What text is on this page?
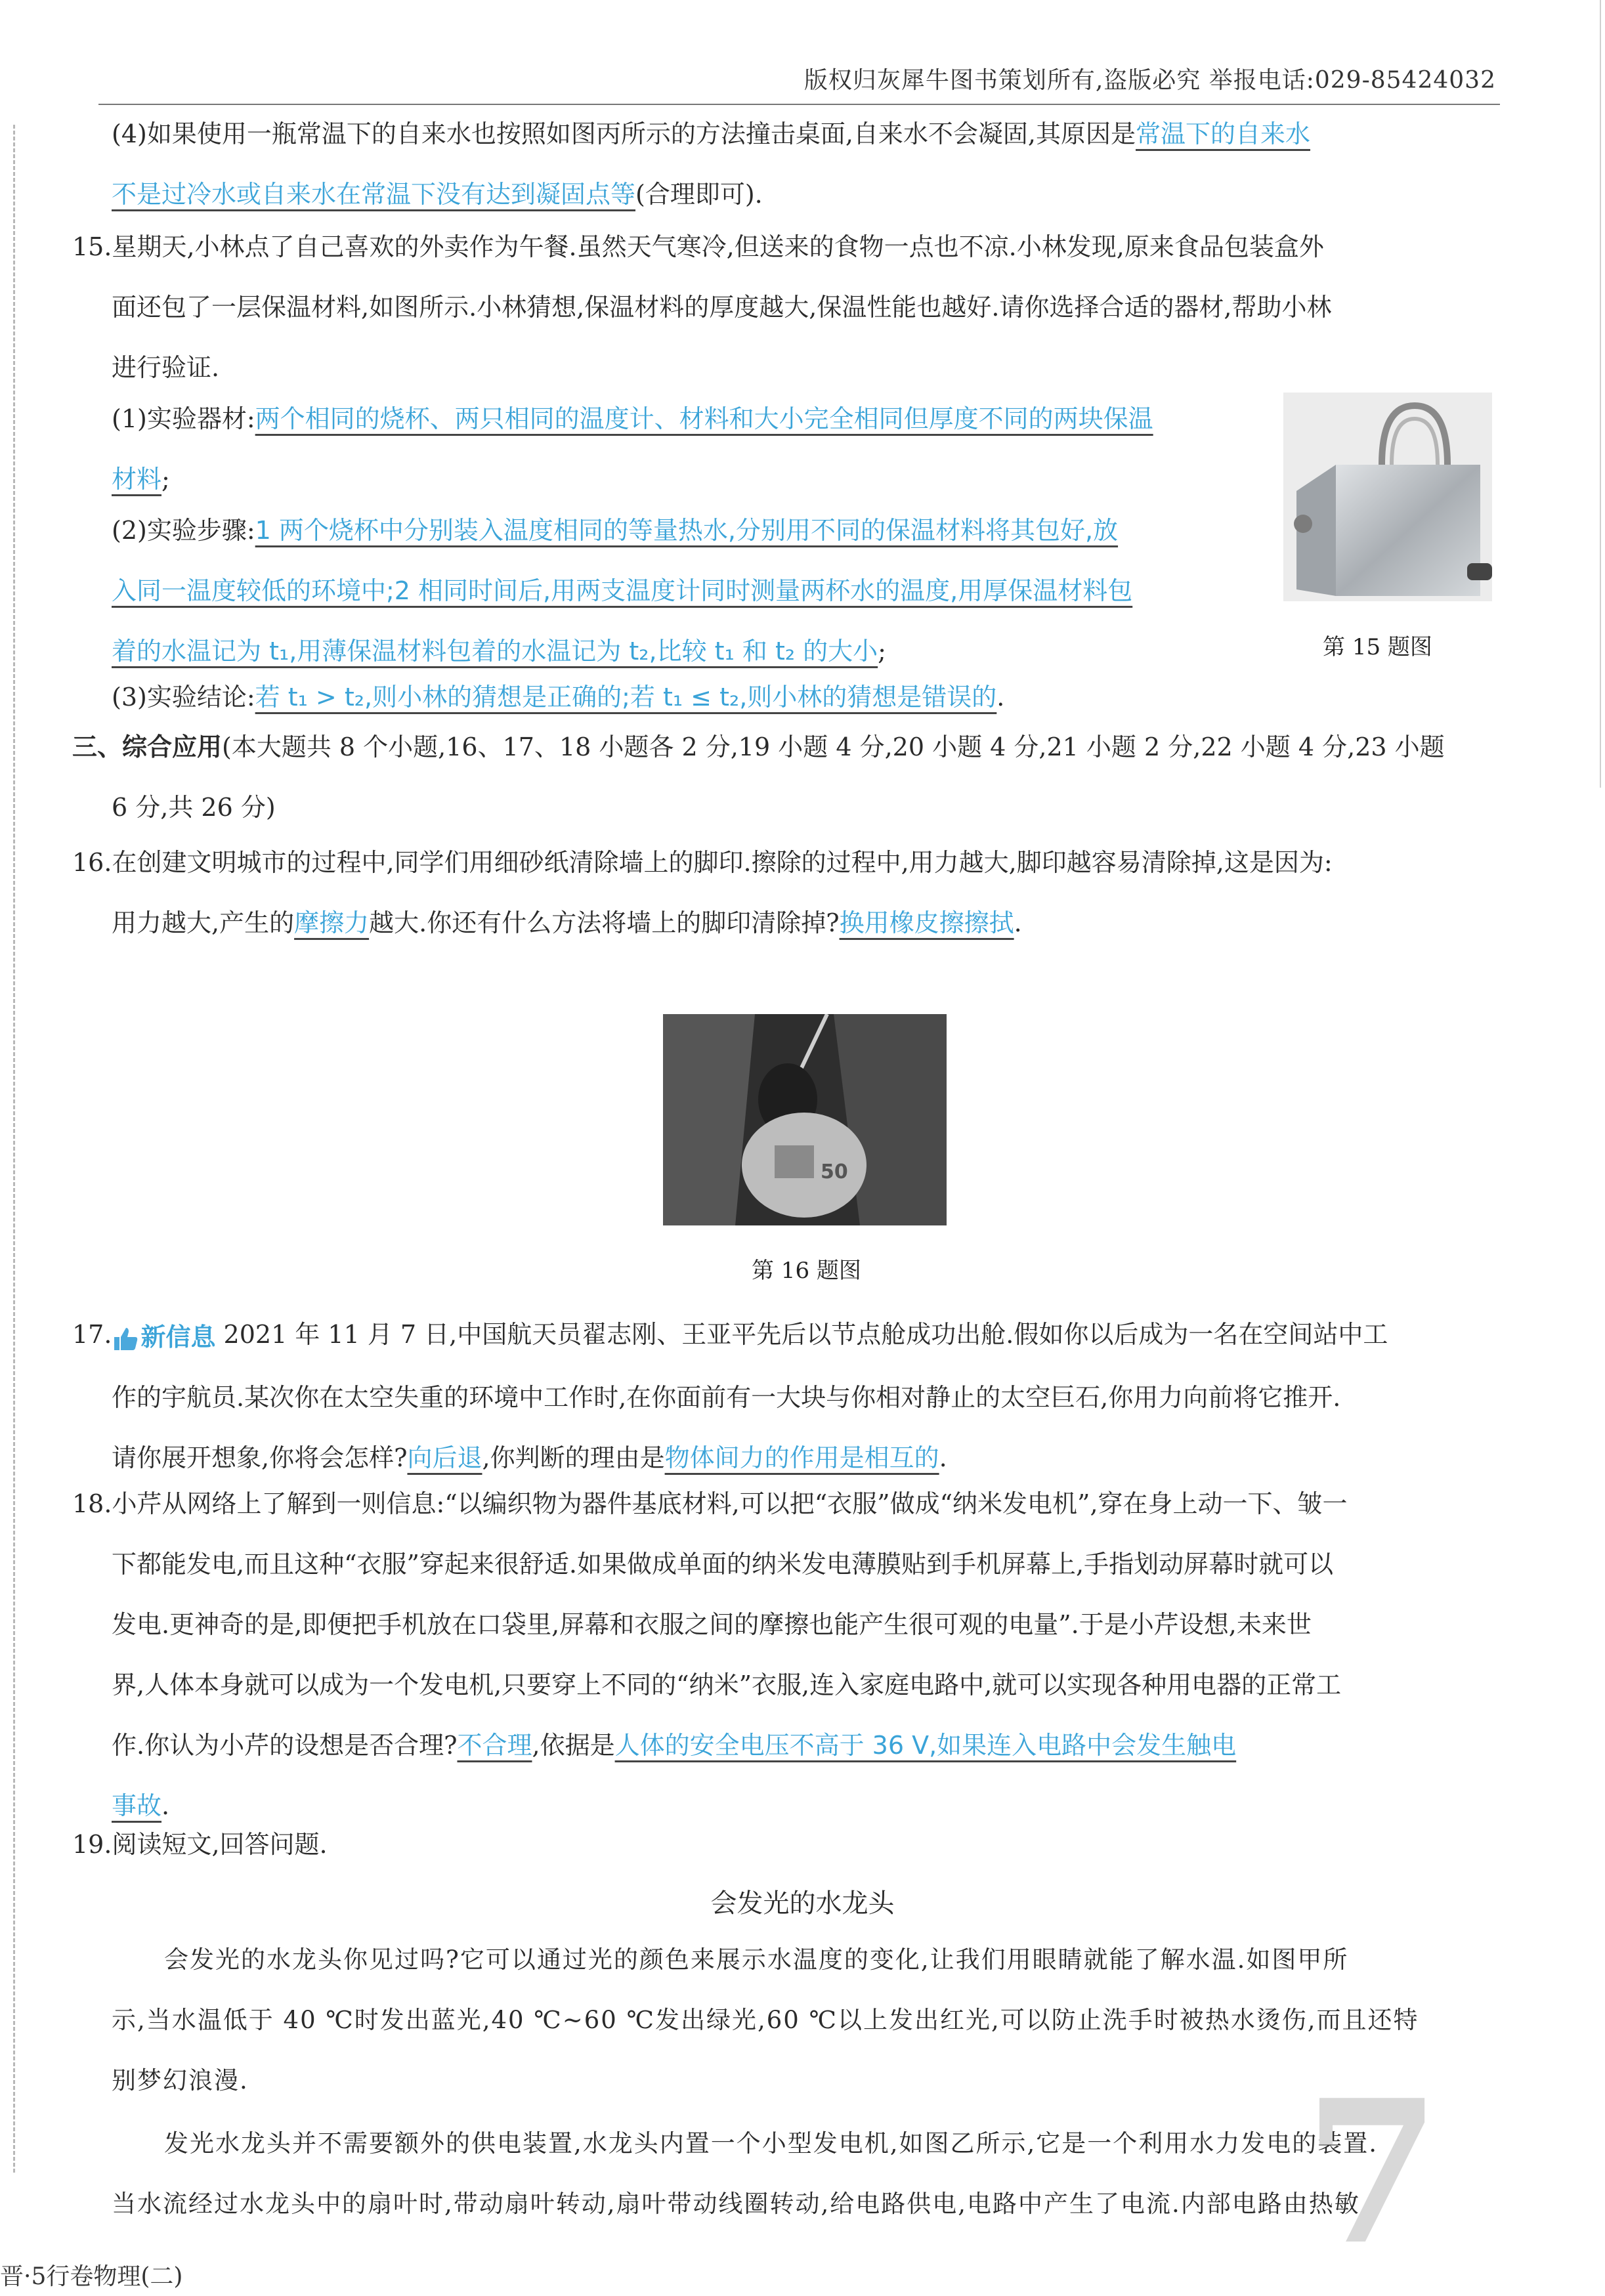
版权归灰犀牛图书策划所有,盗版必究 举报电话:029-85424032
(4)如果使用一瓶常温下的自来水也按照如图丙所示的方法撞击桌面,自来水不会凝固,其原因是常温下的自来水
不是过冷水或自来水在常温下没有达到凝固点等(合理即可).
15.星期天,小林点了自己喜欢的外卖作为午餐.虽然天气寒冷,但送来的食物一点也不凉.小林发现,原来食品包装盒外
面还包了一层保温材料,如图所示.小林猜想,保温材料的厚度越大,保温性能也越好.请你选择合适的器材,帮助小林
进行验证.
(1)实验器材:两个相同的烧杯、两只相同的温度计、材料和大小完全相同但厚度不同的两块保温
材料;
(2)实验步骤:1 两个烧杯中分别装入温度相同的等量热水,分别用不同的保温材料将其包好,放
入同一温度较低的环境中;2 相同时间后,用两支温度计同时测量两杯水的温度,用厚保温材料包
着的水温记为 t₁,用薄保温材料包着的水温记为 t₂,比较 t₁ 和 t₂ 的大小;
(3)实验结论:若 t₁ > t₂,则小林的猜想是正确的;若 t₁ ≤ t₂,则小林的猜想是错误的.
第 15 题图
三、综合应用(本大题共 8 个小题,16、17、18 小题各 2 分,19 小题 4 分,20 小题 4 分,21 小题 2 分,22 小题 4 分,23 小题
6 分,共 26 分)
16.在创建文明城市的过程中,同学们用细砂纸清除墙上的脚印.擦除的过程中,用力越大,脚印越容易清除掉,这是因为:
用力越大,产生的摩擦力越大.你还有什么方法将墙上的脚印清除掉?换用橡皮擦擦拭.
50
第 16 题图
17. 新信息 2021 年 11 月 7 日,中国航天员翟志刚、王亚平先后以节点舱成功出舱.假如你以后成为一名在空间站中工
作的宇航员.某次你在太空失重的环境中工作时,在你面前有一大块与你相对静止的太空巨石,你用力向前将它推开.
请你展开想象,你将会怎样?向后退,你判断的理由是物体间力的作用是相互的.
18.小芹从网络上了解到一则信息:“以编织物为器件基底材料,可以把“衣服”做成“纳米发电机”,穿在身上动一下、皱一
下都能发电,而且这种“衣服”穿起来很舒适.如果做成单面的纳米发电薄膜贴到手机屏幕上,手指划动屏幕时就可以
发电.更神奇的是,即便把手机放在口袋里,屏幕和衣服之间的摩擦也能产生很可观的电量”.于是小芹设想,未来世
界,人体本身就可以成为一个发电机,只要穿上不同的“纳米”衣服,连入家庭电路中,就可以实现各种用电器的正常工
作.你认为小芹的设想是否合理?不合理,依据是人体的安全电压不高于 36 V,如果连入电路中会发生触电
事故.
19.阅读短文,回答问题.
会发光的水龙头
会发光的水龙头你见过吗?它可以通过光的颜色来展示水温度的变化,让我们用眼睛就能了解水温.如图甲所
示,当水温低于 40 ℃时发出蓝光,40 ℃~60 ℃发出绿光,60 ℃以上发出红光,可以防止洗手时被热水烫伤,而且还特
别梦幻浪漫.
发光水龙头并不需要额外的供电装置,水龙头内置一个小型发电机,如图乙所示,它是一个利用水力发电的装置.
当水流经过水龙头中的扇叶时,带动扇叶转动,扇叶带动线圈转动,给电路供电,电路中产生了电流.内部电路由热敏
7
晋·5行卷物理(二)
